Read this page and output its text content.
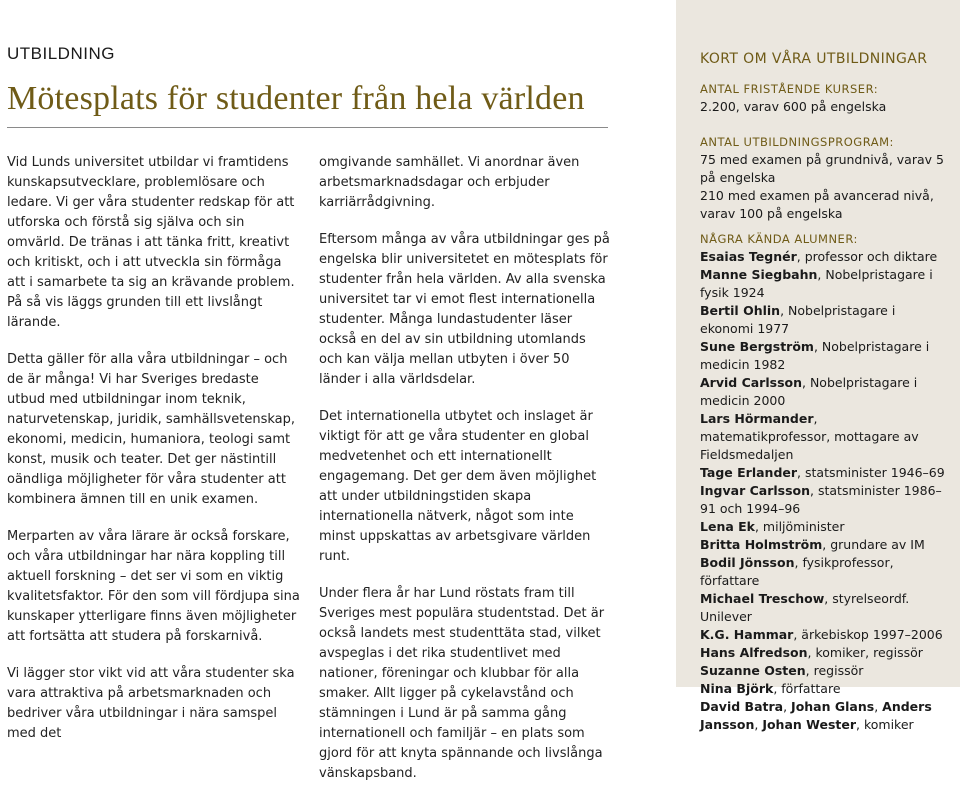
UTBILDNING
Mötesplats för studenter från hela världen

Vid Lunds universitet utbildar vi framtidens kunskapsutvecklare, problemlösare och ledare. Vi ger våra studenter redskap för att utforska och förstå sig själva och sin omvärld. De tränas i att tänka fritt, kreativt och kritiskt, och i att utveckla sin förmåga att i samarbete ta sig an krävande problem. På så vis läggs grunden till ett livslångt lärande.

Detta gäller för alla våra utbildningar – och de är många! Vi har Sveriges bredaste utbud med utbildningar inom teknik, naturvetenskap, juridik, samhällsvetenskap, ekonomi, medicin, humaniora, teologi samt konst, musik och teater. Det ger nästintill oändliga möjligheter för våra studenter att kombinera ämnen till en unik examen.

Merparten av våra lärare är också forskare, och våra utbildningar har nära koppling till aktuell forskning – det ser vi som en viktig kvalitetsfaktor. För den som vill fördjupa sina kunskaper ytterligare finns även möjligheter att fortsätta att studera på forskarnivå.

Vi lägger stor vikt vid att våra studenter ska vara attraktiva på arbetsmarknaden och bedriver våra utbildningar i nära samspel med det

omgivande samhället. Vi anordnar även arbetsmarknadsdagar och erbjuder karriärrådgivning.

Eftersom många av våra utbildningar ges på engelska blir universitetet en mötesplats för studenter från hela världen. Av alla svenska universitet tar vi emot flest internationella studenter. Många lundastudenter läser också en del av sin utbildning utomlands och kan välja mellan utbyten i över 50 länder i alla världsdelar.

Det internationella utbytet och inslaget är viktigt för att ge våra studenter en global medvetenhet och ett internationellt engagemang. Det ger dem även möjlighet att under utbildningstiden skapa internationella nätverk, något som inte minst uppskattas av arbetsgivare världen runt.

Under flera år har Lund röstats fram till Sveriges mest populära studentstad. Det är också landets mest studenttäta stad, vilket avspeglas i det rika studentlivet med nationer, föreningar och klubbar för alla smaker. Allt ligger på cykelavstånd och stämningen i Lund är på samma gång internationell och familjär – en plats som gjord för att knyta spännande och livslånga vänskapsband.

KORT OM VÅRA UTBILDNINGAR
ANTAL FRISTÅENDE KURSER:
2.200, varav 600 på engelska
ANTAL UTBILDNINGSPROGRAM:
75 med examen på grundnivå, varav 5 på engelska
210 med examen på avancerad nivå, varav 100 på engelska
NÅGRA KÄNDA ALUMNER:
Esaias Tegnér, professor och diktare
Manne Siegbahn, Nobelpristagare i fysik 1924
Bertil Ohlin, Nobelpristagare i ekonomi 1977
Sune Bergström, Nobelpristagare i medicin 1982
Arvid Carlsson, Nobelpristagare i medicin 2000
Lars Hörmander, matematikprofessor, mottagare av Fieldsmedaljen
Tage Erlander, statsminister 1946–69
Ingvar Carlsson, statsminister 1986–91 och 1994–96
Lena Ek, miljöminister
Britta Holmström, grundare av IM
Bodil Jönsson, fysikprofessor, författare
Michael Treschow, styrelseordf. Unilever
K.G. Hammar, ärkebiskop 1997–2006
Hans Alfredson, komiker, regissör
Suzanne Osten, regissör
Nina Björk, författare
David Batra, Johan Glans, Anders Jansson, Johan Wester, komiker
